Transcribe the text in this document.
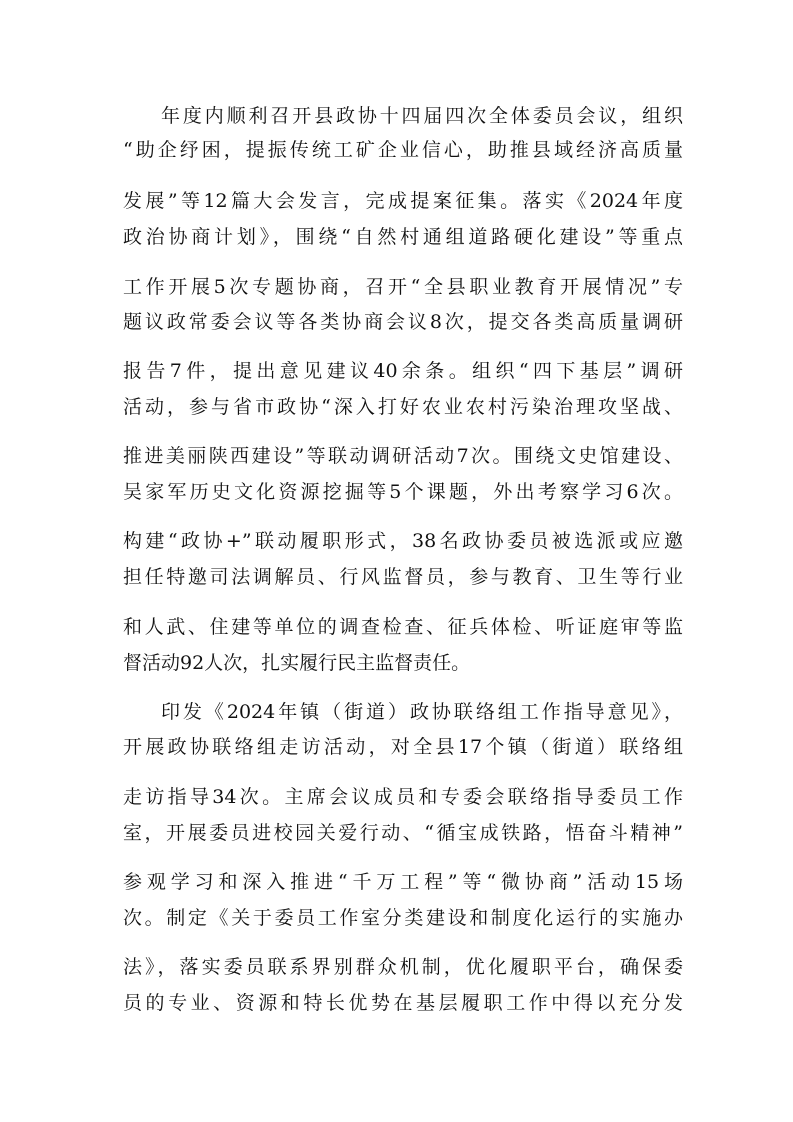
年度内顺利召开县政协十四届四次全体委员会议，组织
“助企纾困，提振传统工矿企业信心，助推县域经济高质量
发展”等12篇大会发言，完成提案征集。落实《2024年度
政治协商计划》，围绕“自然村通组道路硬化建设”等重点
工作开展5次专题协商，召开“全县职业教育开展情况”专
题议政常委会议等各类协商会议8次，提交各类高质量调研
报告7件，提出意见建议40余条。组织“四下基层”调研
活动，参与省市政协“深入打好农业农村污染治理攻坚战、
推进美丽陕西建设”等联动调研活动7次。围绕文史馆建设、
吴家军历史文化资源挖掘等5个课题，外出考察学习6次。
构建“政协+”联动履职形式，38名政协委员被选派或应邀
担任特邀司法调解员、行风监督员，参与教育、卫生等行业
和人武、住建等单位的调查检查、征兵体检、听证庭审等监
督活动92人次，扎实履行民主监督责任。
印发《2024年镇（街道）政协联络组工作指导意见》，
开展政协联络组走访活动，对全县17个镇（街道）联络组
走访指导34次。主席会议成员和专委会联络指导委员工作
室，开展委员进校园关爱行动、“循宝成铁路，悟奋斗精神”
参观学习和深入推进“千万工程”等“微协商”活动15场
次。制定《关于委员工作室分类建设和制度化运行的实施办
法》，落实委员联系界别群众机制，优化履职平台，确保委
员的专业、资源和特长优势在基层履职工作中得以充分发
